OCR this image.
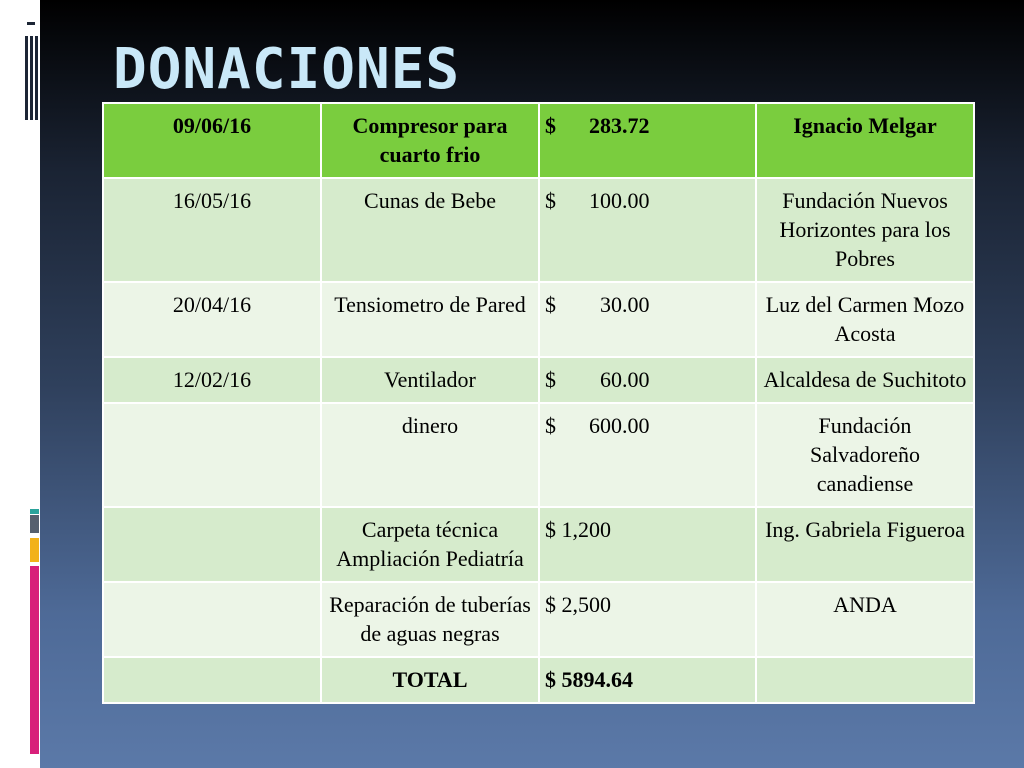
DONACIONES
09/06/16	Compresor para cuarto frio	$      283.72	Ignacio Melgar
16/05/16	Cunas de Bebe	$      100.00	Fundación Nuevos Horizontes para los Pobres
20/04/16	Tensiometro de Pared	$        30.00	Luz del Carmen Mozo Acosta
12/02/16	Ventilador	$        60.00	Alcaldesa de Suchitoto
	dinero	$      600.00	Fundación Salvadoreño canadiense
	Carpeta técnica Ampliación Pediatría	$ 1,200	Ing. Gabriela Figueroa
	Reparación de tuberías de aguas negras	$ 2,500	ANDA
	TOTAL	$ 5894.64	
